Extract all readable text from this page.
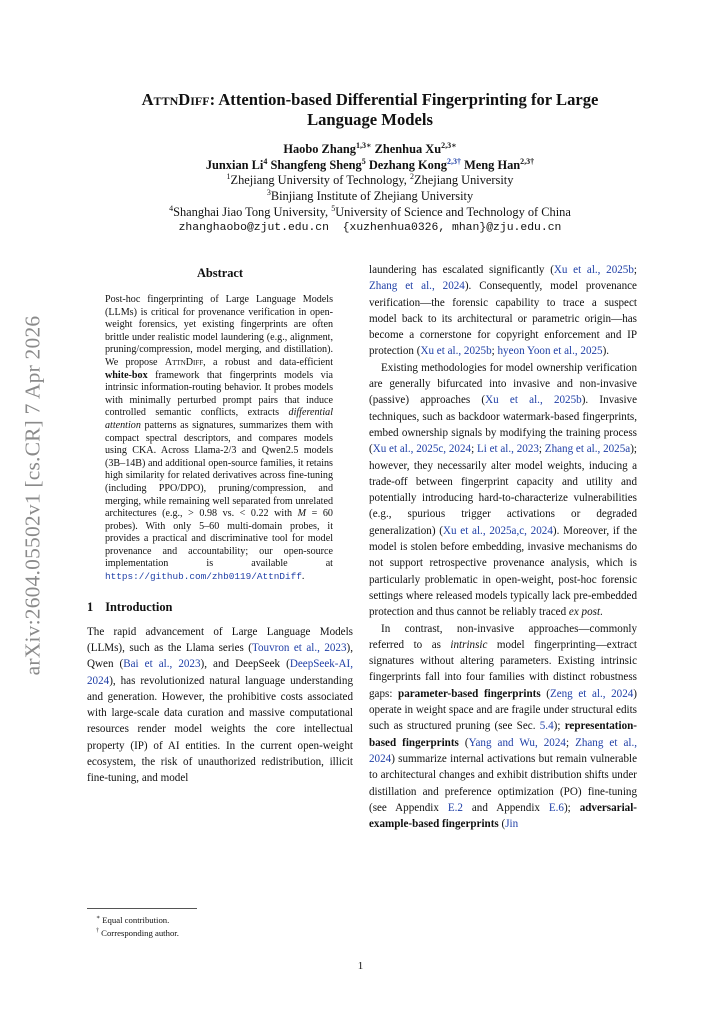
arXiv:2604.05502v1 [cs.CR] 7 Apr 2026
AttnDiff: Attention-based Differential Fingerprinting for Large
Language Models
Haobo Zhang$^{1,3∗}$ Zhenhua $Xu^{2,3∗}$
Junxian Li$^4$ Shangfeng Sheng$^5$ Dezhang Kong$^{2,3\dagger}$ Meng Han$^{2,3\dagger}$
$^1$Zhejiang University of Technology, $^2$Zhejiang University
$^3$Binjiang Institute of Zhejiang University
$^4$Shanghai Jiao Tong University, $^5$University of Science and Technology of China
zhanghaobo@zjut.edu.cn  {xuzhenhua0326, mhan}@zju.edu.cn
Abstract

Post-hoc fingerprinting of Large Language Models (LLMs) is critical for provenance verification in open-weight forensics, yet existing fingerprints are often brittle under realistic model laundering (e.g., alignment, pruning/compression, model merging, and distillation). We propose AttnDiff, a robust and data-efficient white-box framework that fingerprints models via intrinsic information-routing behavior. It probes models with minimally perturbed prompt pairs that induce controlled semantic conflicts, extracts differential attention patterns as signatures, summarizes them with compact spectral descriptors, and compares models using CKA. Across Llama-2/3 and Qwen2.5 models (3B–14B) and additional open-source families, it retains high similarity for related derivatives across fine-tuning (including PPO/DPO), pruning/compression, and merging, while remaining well separated from unrelated architectures (e.g., > 0.98 vs. < 0.22 with M = 60 probes). With only 5–60 multi-domain probes, it provides a practical and discriminative tool for model provenance and accountability; our open-source implementation is available at https://github.com/zhb0119/AttnDiff.

1 Introduction

The rapid advancement of Large Language Models (LLMs), such as the Llama series (Touvron et al., 2023), Qwen (Bai et al., 2023), and DeepSeek (DeepSeek-AI, 2024), has revolutionized natural language understanding and generation. However, the prohibitive costs associated with large-scale data curation and massive computational resources render model weights the core intellectual property (IP) of AI entities. In the current open-weight ecosystem, the risk of unauthorized redistribution, illicit fine-tuning, and model

laundering has escalated significantly (Xu et al., 2025b; Zhang et al., 2024). Consequently, model provenance verification—the forensic capability to trace a suspect model back to its architectural or parametric origin—has become a cornerstone for copyright enforcement and IP protection (Xu et al., 2025b; hyeon Yoon et al., 2025).

Existing methodologies for model ownership verification are generally bifurcated into invasive and non-invasive (passive) approaches (Xu et al., 2025b). Invasive techniques, such as backdoor watermark-based fingerprints, embed ownership signals by modifying the training process (Xu et al., 2025c, 2024; Li et al., 2023; Zhang et al., 2025a); however, they necessarily alter model weights, inducing a trade-off between fingerprint capacity and utility and potentially introducing hard-to-characterize vulnerabilities (e.g., spurious trigger activations or degraded generalization) (Xu et al., 2025a,c, 2024). Moreover, if the model is stolen before embedding, invasive mechanisms do not support retrospective provenance analysis, which is particularly problematic in open-weight, post-hoc forensic settings where released models typically lack pre-embedded protection and thus cannot be reliably traced ex post.

In contrast, non-invasive approaches—commonly referred to as intrinsic model fingerprinting—extract signatures without altering parameters. Existing intrinsic fingerprints fall into four families with distinct robustness gaps: parameter-based fingerprints (Zeng et al., 2024) operate in weight space and are fragile under structural edits such as structured pruning (see Sec. 5.4); representation-based fingerprints (Yang and Wu, 2024; Zhang et al., 2024) summarize internal activations but remain vulnerable to architectural changes and exhibit distribution shifts under distillation and preference optimization (PO) fine-tuning (see Appendix E.2 and Appendix E.6); adversarial-example-based fingerprints (Jin

∗ Equal contribution.
† Corresponding author.
1
